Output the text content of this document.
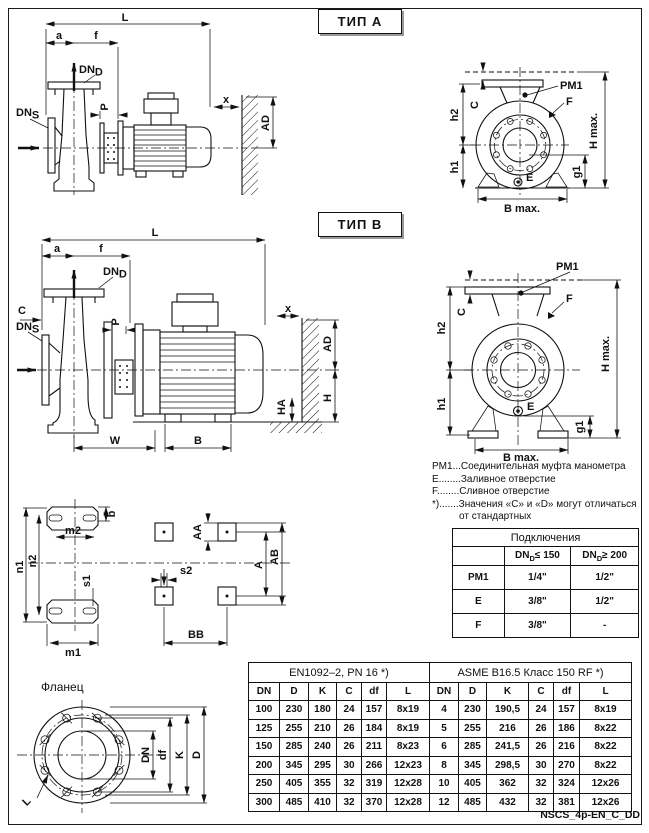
ТИП A
L
a	f
DND
DNS
P
x
AD
PM1
F
E
h2
h1
C
g1
H max.
B max.
ТИП B
L
a	f
DND
C
DNS
P
x
AD
H
HA
W	B
PM1
F
E
C
h2
h1
g1
H max.
B max.
PM1...Соединительная муфта манометра
E........Заливное отверстие
F........Сливное отверстие
*).......Значения «C» и «D» могут отличаться
от стандартных
Подключения		
	$DN_D\le 150$	$DN_D\ge 200$
PM1	1/4"	1/2"
E	3/8"	1/2"
F	3/8"	-
n1 n2
m2
b
s1
m1
AA
s2	A
AB
BB
Фланец
DN df K D
L
EN1092–2, PN 16 *)						ASME B16.5 Класс 150 RF *)					
DN	D	K	C	df	L	DN	D	K	C	df	L
100	230	180	24	157	8x19	4	230	190,5	24	157	8x19
125	255	210	26	184	8x19	5	255	216	26	186	8x22
150	285	240	26	211	8x23	6	285	241,5	26	216	8x22
200	345	295	30	266	12x23	8	345	298,5	30	270	8x22
250	405	355	32	319	12x28	10	405	362	32	324	12x26
300	485	410	32	370	12x28	12	485	432	32	381	12x26
NSCS_4p-EN_C_DD
